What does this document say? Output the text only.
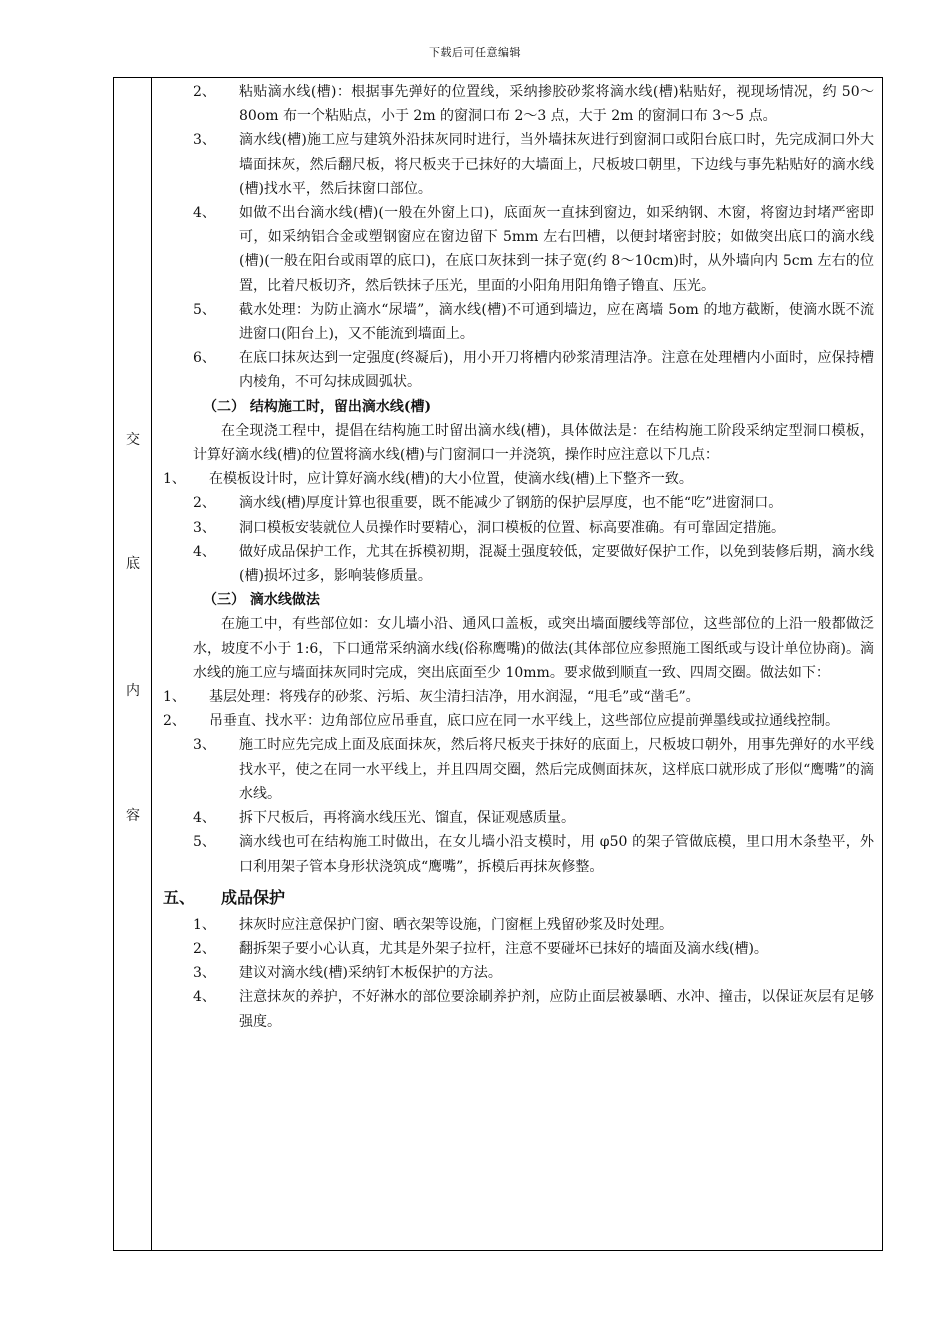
下载后可任意编辑
交
底
内
容
2、	粘贴滴水线(槽)：根据事先弹好的位置线，采纳掺胶砂浆将滴水线(槽)粘贴好，视现场情况，约 50～80om 布一个粘贴点，小于 2m 的窗洞口布 2～3 点，大于 2m 的窗洞口布 3～5 点。
3、	滴水线(槽)施工应与建筑外沿抹灰同时进行，当外墙抹灰进行到窗洞口或阳台底口时，先完成洞口外大墙面抹灰，然后翻尺板，将尺板夹于已抹好的大墙面上，尺板坡口朝里，下边线与事先粘贴好的滴水线(槽)找水平，然后抹窗口部位。
4、	如做不出台滴水线(槽)(一般在外窗上口)，底面灰一直抹到窗边，如采纳钢、木窗，将窗边封堵严密即可，如采纳铝合金或塑钢窗应在窗边留下 5mm 左右凹槽，以便封堵密封胶；如做突出底口的滴水线(槽)(一般在阳台或雨罩的底口)，在底口灰抹到一抹子宽(约 8～10cm)时，从外墙向内 5cm 左右的位置，比着尺板切齐，然后铁抹子压光，里面的小阳角用阳角镥子镥直、压光。
5、	截水处理：为防止滴水“尿墙”，滴水线(槽)不可通到墙边，应在离墙 5om 的地方截断，使滴水既不流进窗口(阳台上)，又不能流到墙面上。
6、	在底口抹灰达到一定强度(终凝后)，用小开刀将槽内砂浆清理洁净。注意在处理槽内小面时，应保持槽内棱角，不可勾抹成圆弧状。
（二） 结构施工时，留出滴水线(槽)

在全现浇工程中，提倡在结构施工时留出滴水线(槽)，具体做法是：在结构施工阶段采纳定型洞口模板，计算好滴水线(槽)的位置将滴水线(槽)与门窗洞口一并浇筑，操作时应注意以下几点：

1、	在模板设计时，应计算好滴水线(槽)的大小位置，使滴水线(槽)上下整齐一致。
2、	滴水线(槽)厚度计算也很重要，既不能减少了钢筋的保护层厚度，也不能“吃”进窗洞口。
3、	洞口模板安装就位人员操作时要精心，洞口模板的位置、标高要准确。有可靠固定措施。
4、	做好成品保护工作，尤其在拆模初期，混凝土强度较低，定要做好保护工作，以免到装修后期，滴水线(槽)损坏过多，影响装修质量。
（三） 滴水线做法

在施工中，有些部位如：女儿墙小沿、通风口盖板，或突出墙面腰线等部位，这些部位的上沿一般都做泛水，坡度不小于 1:6，下口通常采纳滴水线(俗称鹰嘴)的做法(其体部位应参照施工图纸或与设计单位协商)。滴水线的施工应与墙面抹灰同时完成，突出底面至少 10mm。要求做到顺直一致、四周交圈。做法如下：

1、	基层处理：将残存的砂浆、污垢、灰尘清扫洁净，用水润湿，“甩毛”或“凿毛”。
2、	吊垂直、找水平：边角部位应吊垂直，底口应在同一水平线上，这些部位应提前弹墨线或拉通线控制。
3、	施工时应先完成上面及底面抹灰，然后将尺板夹于抹好的底面上，尺板坡口朝外，用事先弹好的水平线找水平，使之在同一水平线上，并且四周交圈，然后完成侧面抹灰，这样底口就形成了形似“鹰嘴”的滴水线。
4、	拆下尺板后，再将滴水线压光、馏直，保证观感质量。
5、	滴水线也可在结构施工时做出，在女儿墙小沿支模时，用 φ50 的架子管做底模，里口用木条垫平，外口利用架子管本身形状浇筑成“鹰嘴”，拆模后再抹灰修整。
五、	成品保护
1、	抹灰时应注意保护门窗、晒衣架等设施，门窗框上残留砂浆及时处理。
2、	翻拆架子要小心认真，尤其是外架子拉杆，注意不要碰坏已抹好的墙面及滴水线(槽)。
3、	建议对滴水线(槽)采纳钉木板保护的方法。
4、	注意抹灰的养护，不好淋水的部位要涂刷养护剂，应防止面层被暴晒、水冲、撞击，以保证灰层有足够强度。
